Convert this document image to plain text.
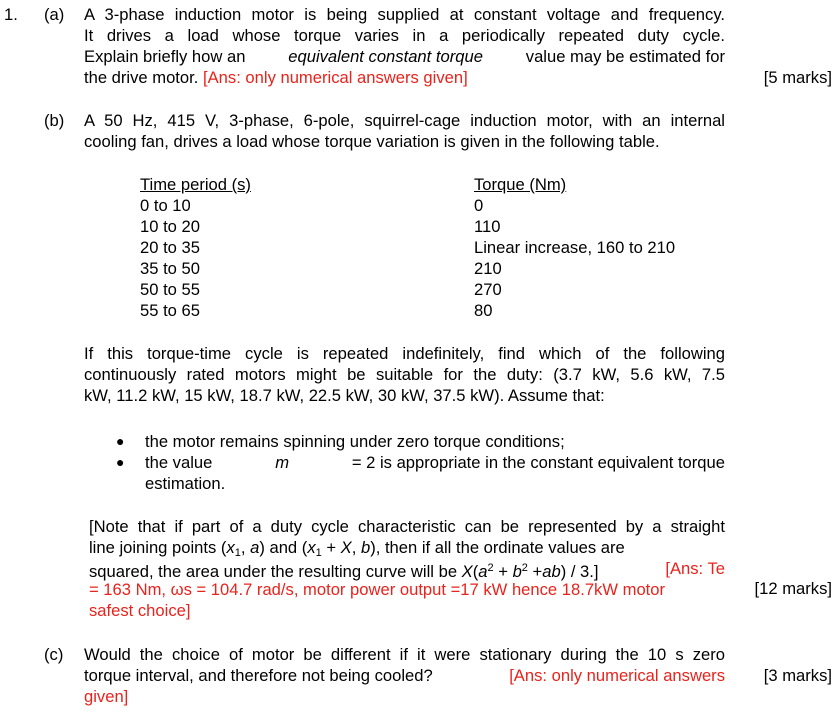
1. (a) A 3-phase induction motor is being supplied at constant voltage and frequency.
It drives a load whose torque varies in a periodically repeated duty cycle.
Explain briefly how an	equivalent constant torque	value may be estimated for
the drive motor. [Ans: only numerical answers given]	[5 marks]
(b) A 50 Hz, 415 V, 3-phase, 6-pole, squirrel-cage induction motor, with an internal
cooling fan, drives a load whose torque variation is given in the following table.
Time period (s)	Torque (Nm)
0 to 10	0
10 to 20	110
20 to 35	Linear increase, 160 to 210
35 to 50	210
50 to 55	270
55 to 65	80
If this torque-time cycle is repeated indefinitely, find which of the following
continuously rated motors might be suitable for the duty: (3.7 kW, 5.6 kW, 7.5
kW, 11.2 kW, 15 kW, 18.7 kW, 22.5 kW, 30 kW, 37.5 kW). Assume that:
● the motor remains spinning under zero torque conditions;
● the value	m	= 2 is appropriate in the constant equivalent torque
estimation.
[Note that if part of a duty cycle characteristic can be represented by a straight
line joining points ($x_1$, a) and ($x_1 + X$, b), then if all the ordinate values are
squared, the area under the resulting curve will be $X(a^2 + b^2 +ab) / 3$.]	[Ans: Te
= 163 Nm, ωs = 104.7 rad/s, motor power output =17 kW hence 18.7kW motor
safest choice]
[12 marks]
(c) Would the choice of motor be different if it were stationary during the 10 s zero
torque interval, and therefore not being cooled?	[Ans: only numerical answers
given]
[3 marks]
